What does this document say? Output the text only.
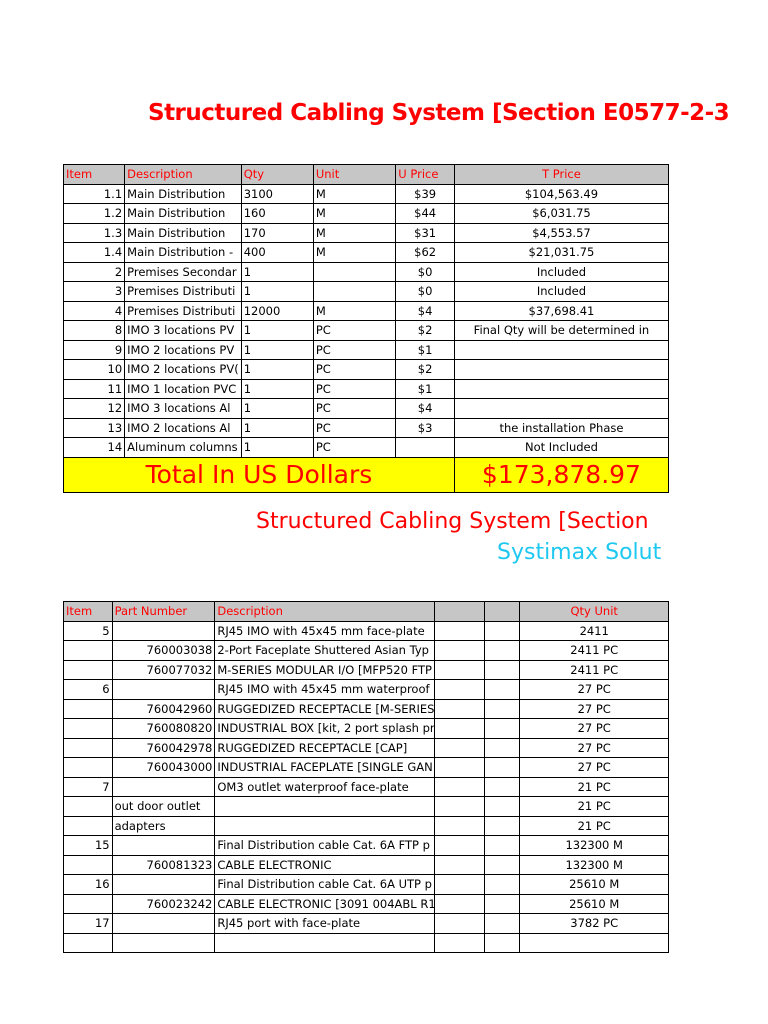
Structured Cabling System [Section E0577-2-3
Item	Description	Qty	Unit	U Price	T Price
1.1	Main Distribution	3100	M	$39	$104,563.49
1.2	Main Distribution	160	M	$44	$6,031.75
1.3	Main Distribution	170	M	$31	$4,553.57
1.4	Main Distribution -	400	M	$62	$21,031.75
2	Premises Secondar	1		$0	Included
3	Premises Distributi	1		$0	Included
4	Premises Distributi	12000	M	$4	$37,698.41
8	IMO 3 locations PV	1	PC	$2	Final Qty will be determined in
9	IMO 2 locations PV	1	PC	$1	
10	IMO 2 locations PV(	1	PC	$2	
11	IMO 1 location PVC	1	PC	$1	
12	IMO 3 locations Al	1	PC	$4	
13	IMO 2 locations Al	1	PC	$3	the installation Phase
14	Aluminum columns	1	PC		Not Included
Total In US Dollars					$173,878.97
Structured Cabling System [Section
Systimax Solut
Item	Part Number	Description			Qty Unit
5		RJ45 IMO with 45x45 mm face-plate			2411
	760003038	2-Port Faceplate Shuttered Asian Typ			2411 PC
	760077032	M-SERIES MODULAR I/O [MFP520 FTP			2411 PC
6		RJ45 IMO with 45x45 mm waterproof			27 PC
	760042960	RUGGEDIZED RECEPTACLE [M-SERIES			27 PC
	760080820	INDUSTRIAL BOX [kit, 2 port splash pr			27 PC
	760042978	RUGGEDIZED RECEPTACLE [CAP]			27 PC
	760043000	INDUSTRIAL FACEPLATE [SINGLE GAN			27 PC
7		OM3 outlet waterproof face-plate			21 PC
	out door outlet				21 PC
	adapters				21 PC
15		Final Distribution cable Cat. 6A FTP p			132300 M
	760081323	CABLE ELECTRONIC			132300 M
16		Final Distribution cable Cat. 6A UTP p			25610 M
	760023242	CABLE ELECTRONIC [3091 004ABL R1			25610 M
17		RJ45 port with face-plate			3782 PC
